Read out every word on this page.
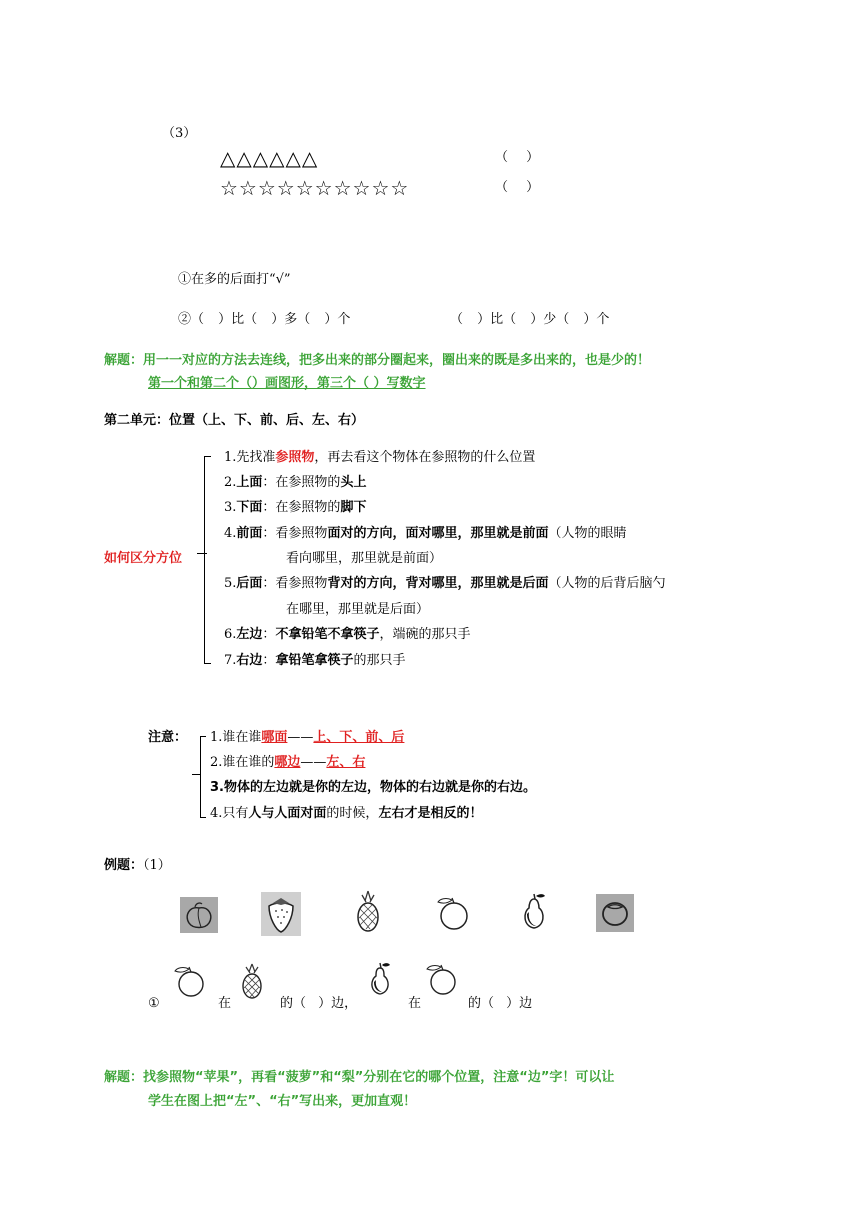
（3）
△△△△△△	（ ）
☆☆☆☆☆☆☆☆☆☆	（ ）
①在多的后面打“√”
②（ ）比（ ）多（ ）个	（ ）比（ ）少（ ）个
解题：用一一对应的方法去连线，把多出来的部分圈起来，圈出来的既是多出来的，也是少的！
第一个和第二个（）画图形，第三个（ ）写数字
第二单元：位置（上、下、前、后、左、右）
如何区分方位
1.先找准参照物，再去看这个物体在参照物的什么位置
2.上面：在参照物的头上
3.下面：在参照物的脚下
4.前面：看参照物面对的方向，面对哪里，那里就是前面（人物的眼睛
看向哪里，那里就是前面）
5.后面：看参照物背对的方向，背对哪里，那里就是后面（人物的后背后脑勺
在哪里，那里就是后面）
6.左边：不拿铅笔不拿筷子，端碗的那只手
7.右边：拿铅笔拿筷子的那只手
注意： 1.谁在谁哪面——上、下、前、后
2.谁在谁的哪边——左、右
3.物体的左边就是你的左边，物体的右边就是你的右边。
4.只有人与人面对面的时候，左右才是相反的！
例题：（1）
①	在	的（ ）边，	在	的（ ）边
解题：找参照物“苹果”，再看“菠萝”和“梨”分别在它的哪个位置，注意“边”字！可以让
学生在图上把“左”、“右”写出来，更加直观！
